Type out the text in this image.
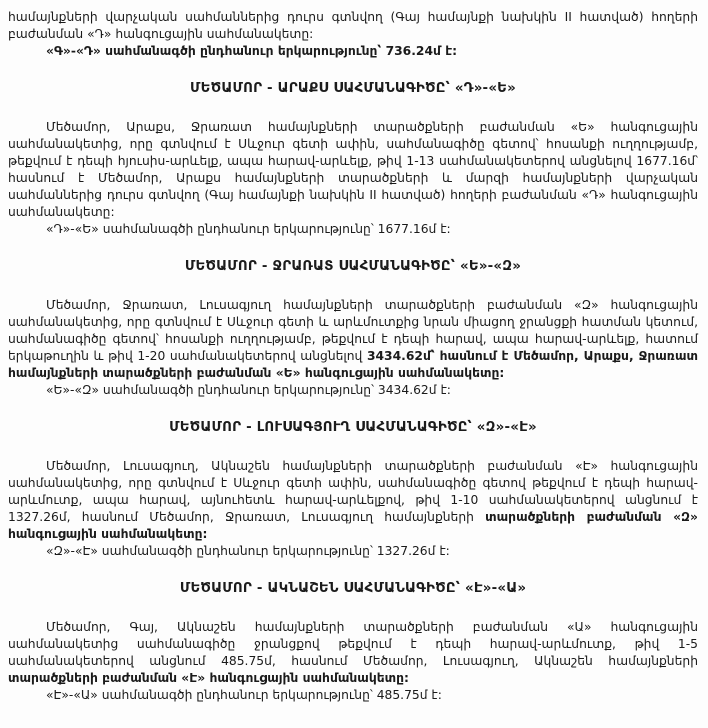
համայնքների վարչական սահմաններից դուրս գտնվող (Գայ համայնքի նախկին II հատված) հողերի բաժանման «Դ» հանգուցային սահմանակետը:

«Գ»-«Դ» սահմանագծի ընդհանուր երկարությունը՝ 736.24մ է:

ՄԵԾԱՄՈՐ - ԱՐԱՔՍ ՍԱՀՄԱՆԱԳԻԾԸ՝ «Դ»-«Ե»

Մեծամոր, Արաքս, Ջրառատ համայնքների տարածքների բաժանման «Ե» հանգուցային սահմանակետից, որը գտնվում է Սևջուր գետի ափին, սահմանագիծը գետով՝ հոսանքի ուղղությամբ, թեքվում է դեպի հյուսիս-արևելք, ապա հարավ-արևելք, թիվ 1-13 սահմանակետերով անցնելով 1677.16մ՝ հասնում է Մեծամոր, Արաքս համայնքների տարածքների և մարզի համայնքների վարչական սահմաններից դուրս գտնվող (Գայ համայնքի նախկին II հատված) հողերի բաժանման «Դ» հանգուցային սահմանակետը:

«Դ»-«Ե» սահմանագծի ընդհանուր երկարությունը՝ 1677.16մ է:

ՄԵԾԱՄՈՐ - ՋՐԱՌԱՏ ՍԱՀՄԱՆԱԳԻԾԸ՝ «Ե»-«Զ»

Մեծամոր, Ջրառատ, Լուսագյուղ համայնքների տարածքների բաժանման «Զ» հանգուցային սահմանակետից, որը գտնվում է Սևջուր գետի և արևմուտքից նրան միացող ջրանցքի հատման կետում, սահմանագիծը գետով՝ հոսանքի ուղղությամբ, թեքվում է դեպի հարավ, ապա հարավ-արևելք, հատում երկաթուղին և թիվ 1-20 սահմանակետերով անցնելով 3434.62մ՝ հասնում է Մեծամոր, Արաքս, Ջրառատ համայնքների տարածքների բաժանման «Ե» հանգուցային սահմանակետը:

«Ե»-«Զ» սահմանագծի ընդհանուր երկարությունը՝ 3434.62մ է:

ՄԵԾԱՄՈՐ - ԼՈՒՍԱԳՅՈՒՂ ՍԱՀՄԱՆԱԳԻԾԸ՝ «Զ»-«Է»

Մեծամոր, Լուսագյուղ, Ակնաշեն համայնքների տարածքների բաժանման «Է» հանգուցային սահմանակետից, որը գտնվում է Սևջուր գետի ափին, սահմանագիծը գետով թեքվում է դեպի հարավ-արևմուտք, ապա հարավ, այնուհետև հարավ-արևելքով, թիվ 1-10 սահմանակետերով անցնում է 1327.26մ, հասնում Մեծամոր, Ջրառատ, Լուսագյուղ համայնքների տարածքների բաժանման «Զ» հանգուցային սահմանակետը:

«Զ»-«Է» սահմանագծի ընդհանուր երկարությունը՝ 1327.26մ է:

ՄԵԾԱՄՈՐ - ԱԿՆԱՇԵՆ ՍԱՀՄԱՆԱԳԻԾԸ՝ «Է»-«Ա»

Մեծամոր, Գայ, Ակնաշեն համայնքների տարածքների բաժանման «Ա» հանգուցային սահմանակետից սահմանագիծը ջրանցքով թեքվում է դեպի հարավ-արևմուտք, թիվ 1-5 սահմանակետերով անցնում 485.75մ, հասնում Մեծամոր, Լուսագյուղ, Ակնաշեն համայնքների տարածքների բաժանման «Է» հանգուցային սահմանակետը:

«Է»-«Ա» սահմանագծի ընդհանուր երկարությունը՝ 485.75մ է:
